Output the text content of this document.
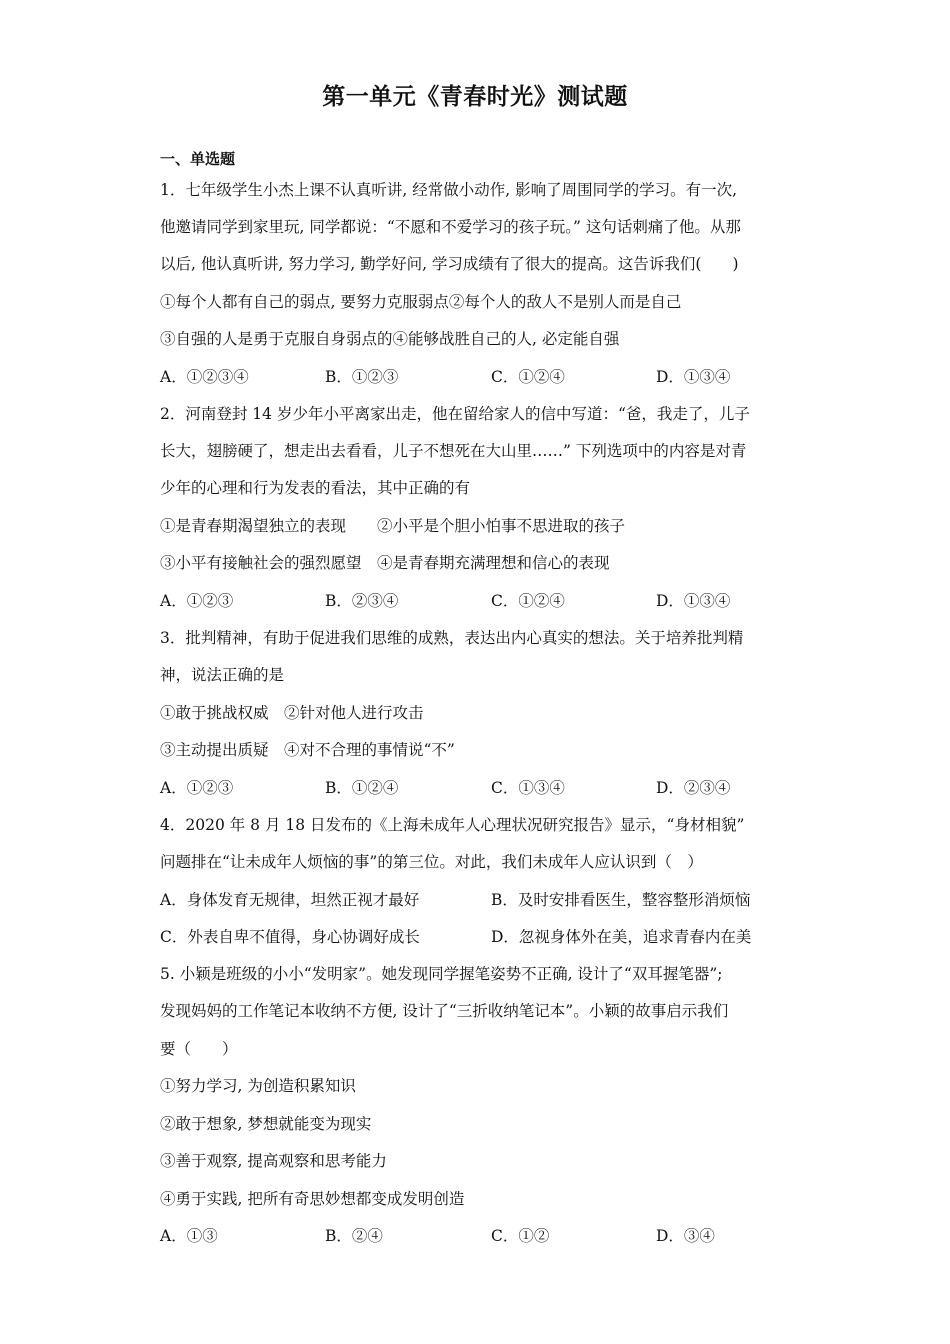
第一单元《青春时光》测试题
一、单选题
1．七年级学生小杰上课不认真听讲, 经常做小动作, 影响了周围同学的学习。有一次,
他邀请同学到家里玩, 同学都说：“不愿和不爱学习的孩子玩。” 这句话刺痛了他。从那
以后, 他认真听讲, 努力学习, 勤学好问, 学习成绩有了很大的提高。这告诉我们(　　)
①每个人都有自己的弱点, 要努力克服弱点②每个人的敌人不是别人而是自己
③自强的人是勇于克服自身弱点的④能够战胜自己的人, 必定能自强
A．①②③④	B．①②③	C．①②④	D．①③④
2．河南登封 14 岁少年小平离家出走，他在留给家人的信中写道：“爸，我走了，儿子
长大，翅膀硬了，想走出去看看，儿子不想死在大山里……” 下列选项中的内容是对青
少年的心理和行为发表的看法，其中正确的有
①是青春期渴望独立的表现　　②小平是个胆小怕事不思进取的孩子
③小平有接触社会的强烈愿望　④是青春期充满理想和信心的表现
A．①②③	B．②③④	C．①②④	D．①③④
3．批判精神，有助于促进我们思维的成熟，表达出内心真实的想法。关于培养批判精
神，说法正确的是
①敢于挑战权威　②针对他人进行攻击
③主动提出质疑　④对不合理的事情说“不”
A．①②③	B．①②④	C．①③④	D．②③④
4．2020 年 8 月 18 日发布的《上海未成年人心理状况研究报告》显示，“身材相貌”
问题排在“让未成年人烦恼的事”的第三位。对此，我们未成年人应认识到（　）
A．身体发育无规律，坦然正视才最好	B．及时安排看医生，整容整形消烦恼
C．外表自卑不值得，身心协调好成长	D．忽视身体外在美，追求青春内在美
5. 小颖是班级的小小“发明家”。她发现同学握笔姿势不正确, 设计了“双耳握笔器”;
发现妈妈的工作笔记本收纳不方便, 设计了“三折收纳笔记本”。小颖的故事启示我们
要（　　）
①努力学习, 为创造积累知识
②敢于想象, 梦想就能变为现实
③善于观察, 提高观察和思考能力
④勇于实践, 把所有奇思妙想都变成发明创造
A．①③	B．②④	C．①②	D．③④
